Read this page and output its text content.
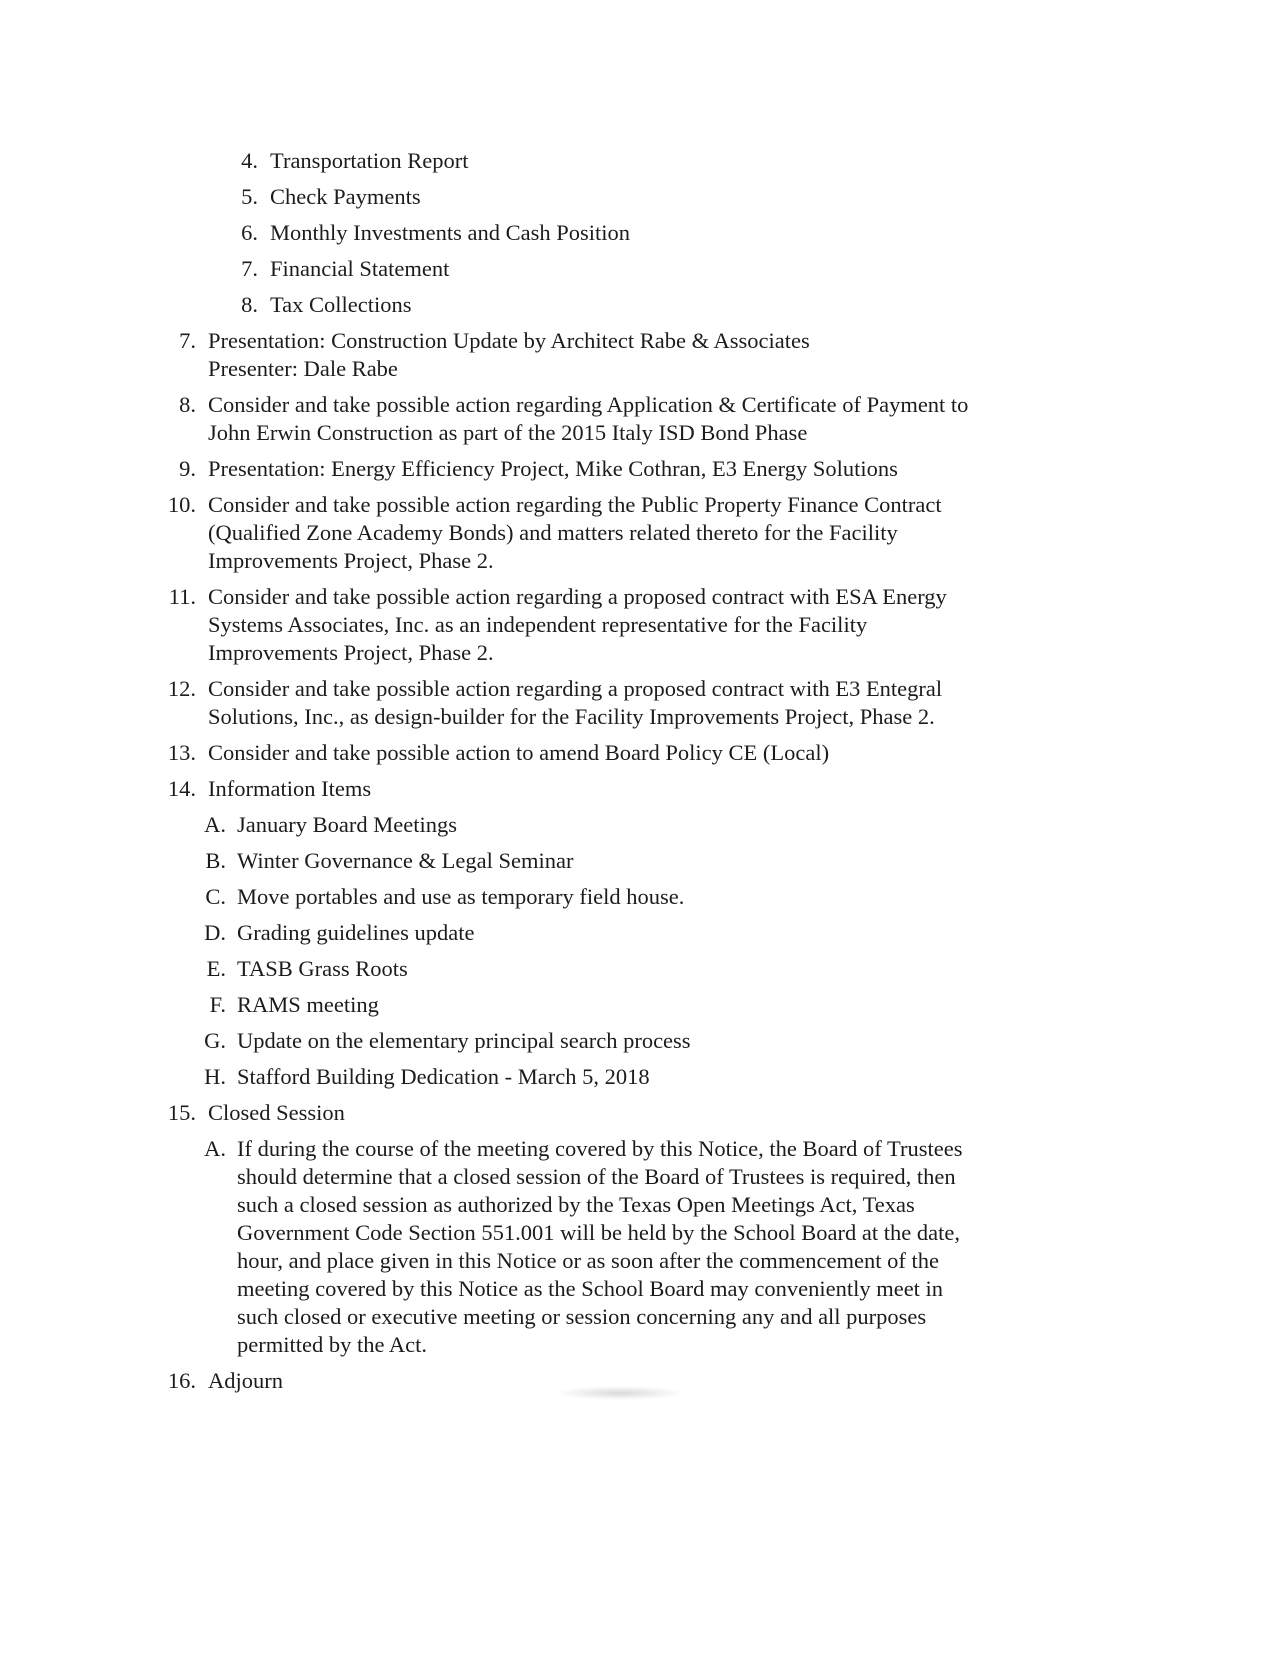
4. Transportation Report
5. Check Payments
6. Monthly Investments and Cash Position
7. Financial Statement
8. Tax Collections
7. Presentation: Construction Update by Architect Rabe & Associates
Presenter: Dale Rabe
8. Consider and take possible action regarding Application & Certificate of Payment to
John Erwin Construction as part of the 2015 Italy ISD Bond Phase
9. Presentation: Energy Efficiency Project, Mike Cothran, E3 Energy Solutions
10. Consider and take possible action regarding the Public Property Finance Contract
(Qualified Zone Academy Bonds) and matters related thereto for the Facility
Improvements Project, Phase 2.
11. Consider and take possible action regarding a proposed contract with ESA Energy
Systems Associates, Inc. as an independent representative for the Facility
Improvements Project, Phase 2.
12. Consider and take possible action regarding a proposed contract with E3 Entegral
Solutions, Inc., as design-builder for the Facility Improvements Project, Phase 2.
13. Consider and take possible action to amend Board Policy CE (Local)
14. Information Items
A. January Board Meetings
B. Winter Governance & Legal Seminar
C. Move portables and use as temporary field house.
D. Grading guidelines update
E. TASB Grass Roots
F. RAMS meeting
G. Update on the elementary principal search process
H. Stafford Building Dedication - March 5, 2018
15. Closed Session
A. If during the course of the meeting covered by this Notice, the Board of Trustees
should determine that a closed session of the Board of Trustees is required, then
such a closed session as authorized by the Texas Open Meetings Act, Texas
Government Code Section 551.001 will be held by the School Board at the date,
hour, and place given in this Notice or as soon after the commencement of the
meeting covered by this Notice as the School Board may conveniently meet in
such closed or executive meeting or session concerning any and all purposes
permitted by the Act.
16. Adjourn
